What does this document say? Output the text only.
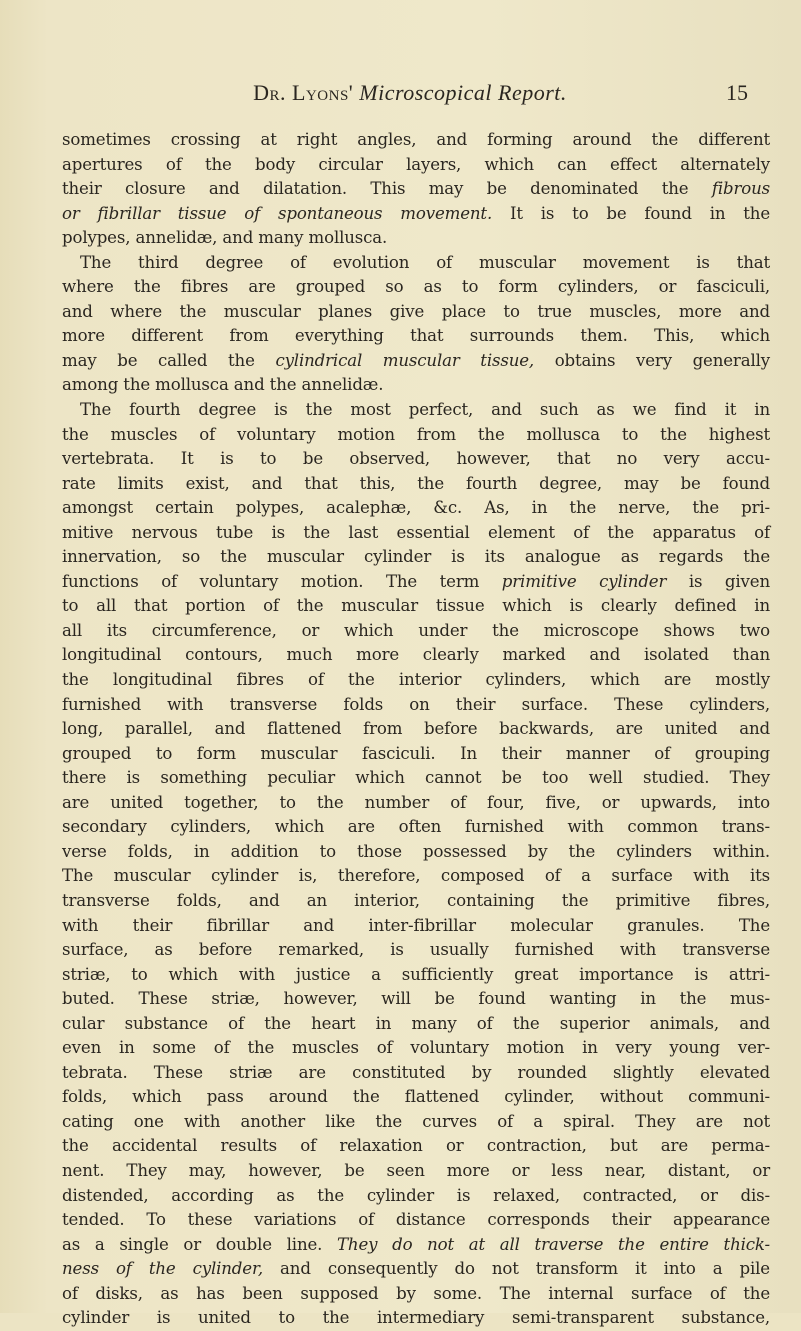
Dr. Lyons' Microscopical Report.	15
sometimes crossing at right angles, and forming around the different
apertures of the body circular layers, which can effect alternately
their closure and dilatation. This may be denominated the fibrous
or fibrillar tissue of spontaneous movement. It is to be found in the
polypes, annelidæ, and many mollusca.
The third degree of evolution of muscular movement is that
where the fibres are grouped so as to form cylinders, or fasciculi,
and where the muscular planes give place to true muscles, more and
more different from everything that surrounds them. This, which
may be called the cylindrical muscular tissue, obtains very generally
among the mollusca and the annelidæ.
The fourth degree is the most perfect, and such as we find it in
the muscles of voluntary motion from the mollusca to the highest
vertebrata. It is to be observed, however, that no very accu-
rate limits exist, and that this, the fourth degree, may be found
amongst certain polypes, acalephæ, &c. As, in the nerve, the pri-
mitive nervous tube is the last essential element of the apparatus of
innervation, so the muscular cylinder is its analogue as regards the
functions of voluntary motion. The term primitive cylinder is given
to all that portion of the muscular tissue which is clearly defined in
all its circumference, or which under the microscope shows two
longitudinal contours, much more clearly marked and isolated than
the longitudinal fibres of the interior cylinders, which are mostly
furnished with transverse folds on their surface. These cylinders,
long, parallel, and flattened from before backwards, are united and
grouped to form muscular fasciculi. In their manner of grouping
there is something peculiar which cannot be too well studied. They
are united together, to the number of four, five, or upwards, into
secondary cylinders, which are often furnished with common trans-
verse folds, in addition to those possessed by the cylinders within.
The muscular cylinder is, therefore, composed of a surface with its
transverse folds, and an interior, containing the primitive fibres,
with their fibrillar and inter-fibrillar molecular granules. The
surface, as before remarked, is usually furnished with transverse
striæ, to which with justice a sufficiently great importance is attri-
buted. These striæ, however, will be found wanting in the mus-
cular substance of the heart in many of the superior animals, and
even in some of the muscles of voluntary motion in very young ver-
tebrata. These striæ are constituted by rounded slightly elevated
folds, which pass around the flattened cylinder, without communi-
cating one with another like the curves of a spiral. They are not
the accidental results of relaxation or contraction, but are perma-
nent. They may, however, be seen more or less near, distant, or
distended, according as the cylinder is relaxed, contracted, or dis-
tended. To these variations of distance corresponds their appearance
as a single or double line. They do not at all traverse the entire thick-
ness of the cylinder, and consequently do not transform it into a pile
of disks, as has been supposed by some. The internal surface of the
cylinder is united to the intermediary semi-transparent substance,
